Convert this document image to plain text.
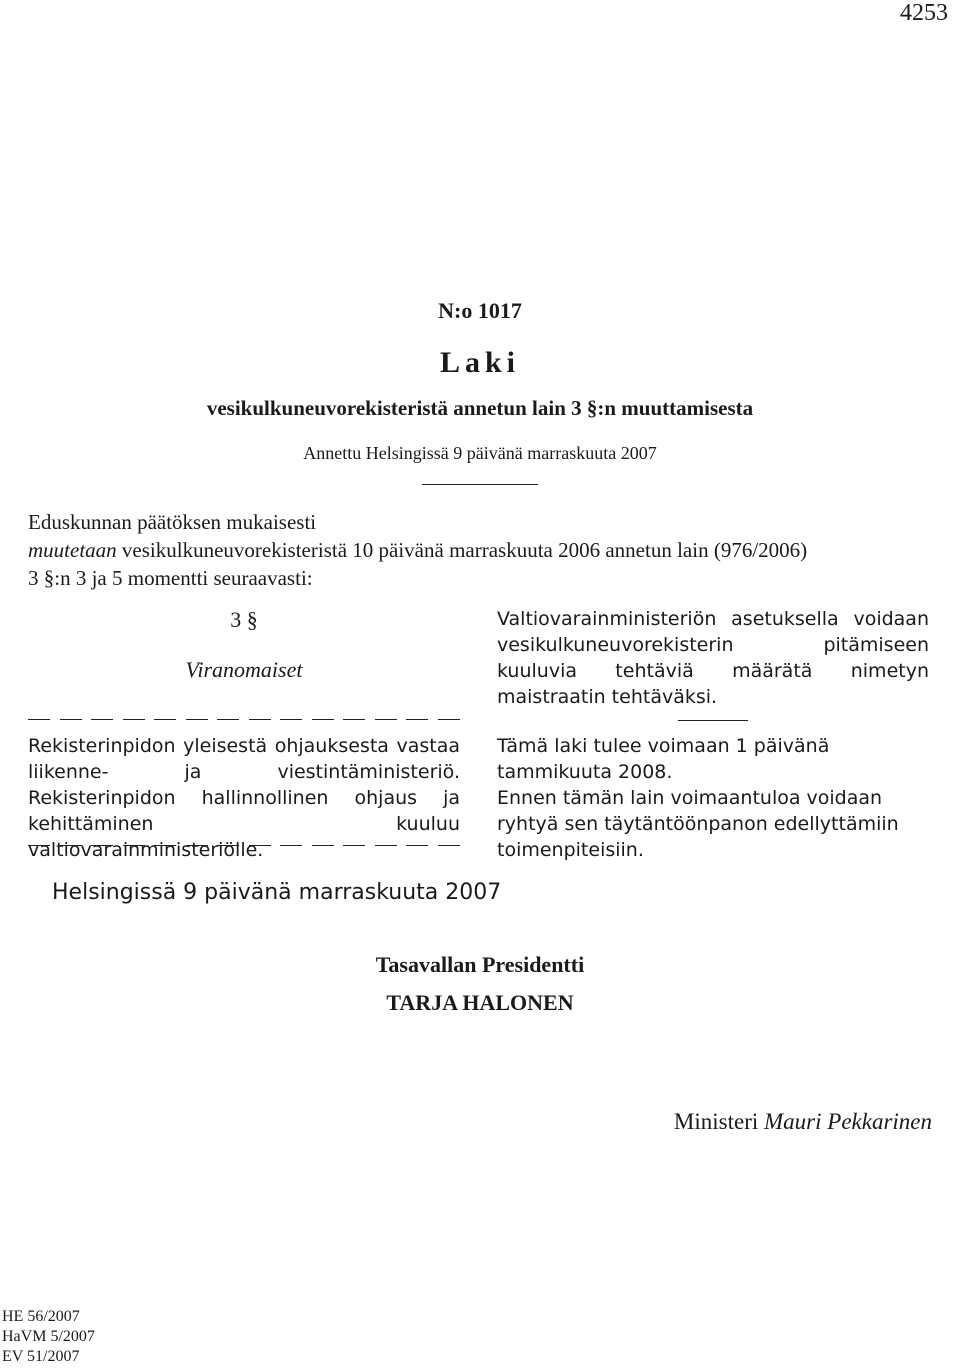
4253
N:o 1017
Laki
vesikulkuneuvorekisteristä annetun lain 3 §:n muuttamisesta
Annettu Helsingissä 9 päivänä marraskuuta 2007
Eduskunnan päätöksen mukaisesti
muutetaan vesikulkuneuvorekisteristä 10 päivänä marraskuuta 2006 annetun lain (976/2006)
3 §:n 3 ja 5 momentti seuraavasti:
3 §
Viranomaiset
Rekisterinpidon yleisestä ohjauksesta vastaa liikenne- ja viestintäministeriö. Rekisterinpidon hallinnollinen ohjaus ja kehittäminen kuuluu valtiovarainministeriölle.
Valtiovarainministeriön asetuksella voidaan vesikulkuneuvorekisterin pitämiseen kuuluvia tehtäviä määrätä nimetyn maistraatin tehtäväksi.
Tämä laki tulee voimaan 1 päivänä tammikuuta 2008.
Ennen tämän lain voimaantuloa voidaan ryhtyä sen täytäntöönpanon edellyttämiin toimenpiteisiin.
Helsingissä 9 päivänä marraskuuta 2007
Tasavallan Presidentti
TARJA HALONEN
Ministeri Mauri Pekkarinen
HE 56/2007
HaVM 5/2007
EV 51/2007
